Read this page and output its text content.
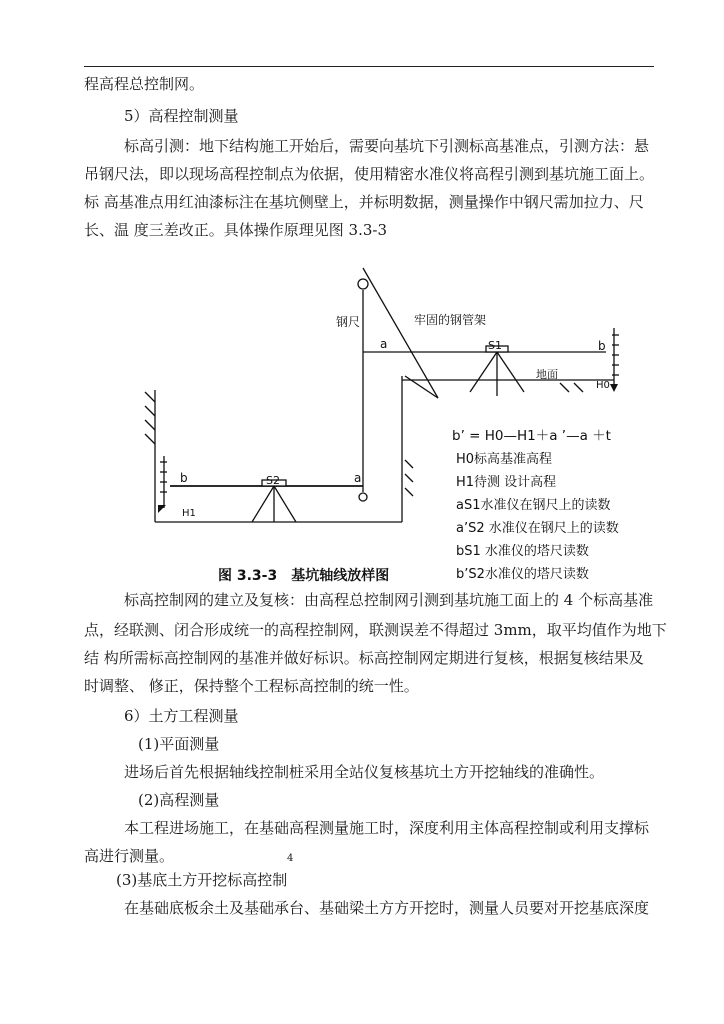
程高程总控制网。
5）高程控制测量
标高引测：地下结构施工开始后，需要向基坑下引测标高基准点，引测方法：悬
吊钢尺法，即以现场高程控制点为依据，使用精密水准仪将高程引测到基坑施工面上。
标 高基准点用红油漆标注在基坑侧壁上，并标明数据，测量操作中钢尺需加拉力、尺
长、温 度三差改正。具体操作原理见图 3.3-3
钢尺	牢固的钢管架
a	S1	b
地面
H0
b	S2	a
H1
b’ = H0—H1＋a ’—a ＋t
H0标高基准高程
H1待测 设计高程
aS1水准仪在钢尺上的读数
a’S2 水准仪在钢尺上的读数
bS1 水准仪的塔尺读数
b’S2水准仪的塔尺读数
图 3.3-3　基坑轴线放样图
标高控制网的建立及复核：由高程总控制网引测到基坑施工面上的 4 个标高基准
点，经联测、闭合形成统一的高程控制网，联测误差不得超过 3mm，取平均值作为地下
结 构所需标高控制网的基准并做好标识。标高控制网定期进行复核，根据复核结果及
时调整、 修正，保持整个工程标高控制的统一性。
6）土方工程测量
(1)平面测量
进场后首先根据轴线控制桩采用全站仪复核基坑土方开挖轴线的准确性。
(2)高程测量
本工程进场施工，在基础高程测量施工时，深度利用主体高程控制或利用支撑标
高进行测量。	4
(3)基底土方开挖标高控制
在基础底板余土及基础承台、基础梁土方方开挖时，测量人员要对开挖基底深度
